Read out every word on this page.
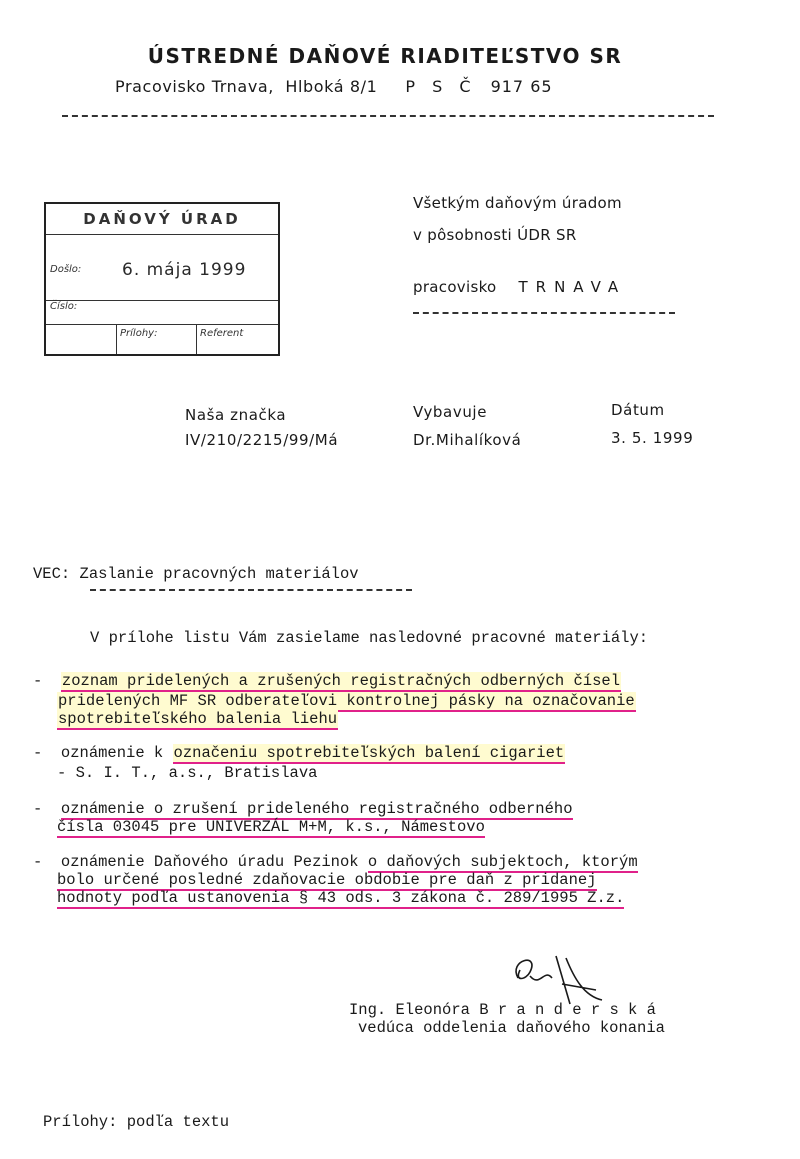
ÚSTREDNÉ DAŇOVÉ RIADITEĽSTVO SR
Pracovisko Trnava, Hlboká 8/1 P S Č 917 65
DAŇOVÝ ÚRAD
Došlo: 6. mája 1999
Číslo:
Prílohy:	Referent
Všetkým daňovým úradom
v pôsobnosti ÚDR SR
pracovisko TRNAVA
Naša značka
IV/210/2215/99/Má
Vybavuje
Dr.Mihalíková
Dátum
3. 5. 1999
VEC: Zaslanie pracovných materiálov
V prílohe listu Vám zasielame nasledovné pracovné materiály:
- zoznam pridelených a zrušených registračných odberných čísel
pridelených MF SR odberateľovi kontrolnej pásky na označovanie
spotrebiteľského balenia liehu
- oznámenie k označeniu spotrebiteľských balení cigariet
- S. I. T., a.s., Bratislava
- oznámenie o zrušení prideleného registračného odberného
čísla 03045 pre UNIVERZÁL M+M, k.s., Námestovo
- oznámenie Daňového úradu Pezinok o daňových subjektoch, ktorým
bolo určené posledné zdaňovacie obdobie pre daň z pridanej
hodnoty podľa ustanovenia § 43 ods. 3 zákona č. 289/1995 Z.z.
Ing. Eleonóra B r a n d e r s k á
vedúca oddelenia daňového konania
Prílohy: podľa textu
